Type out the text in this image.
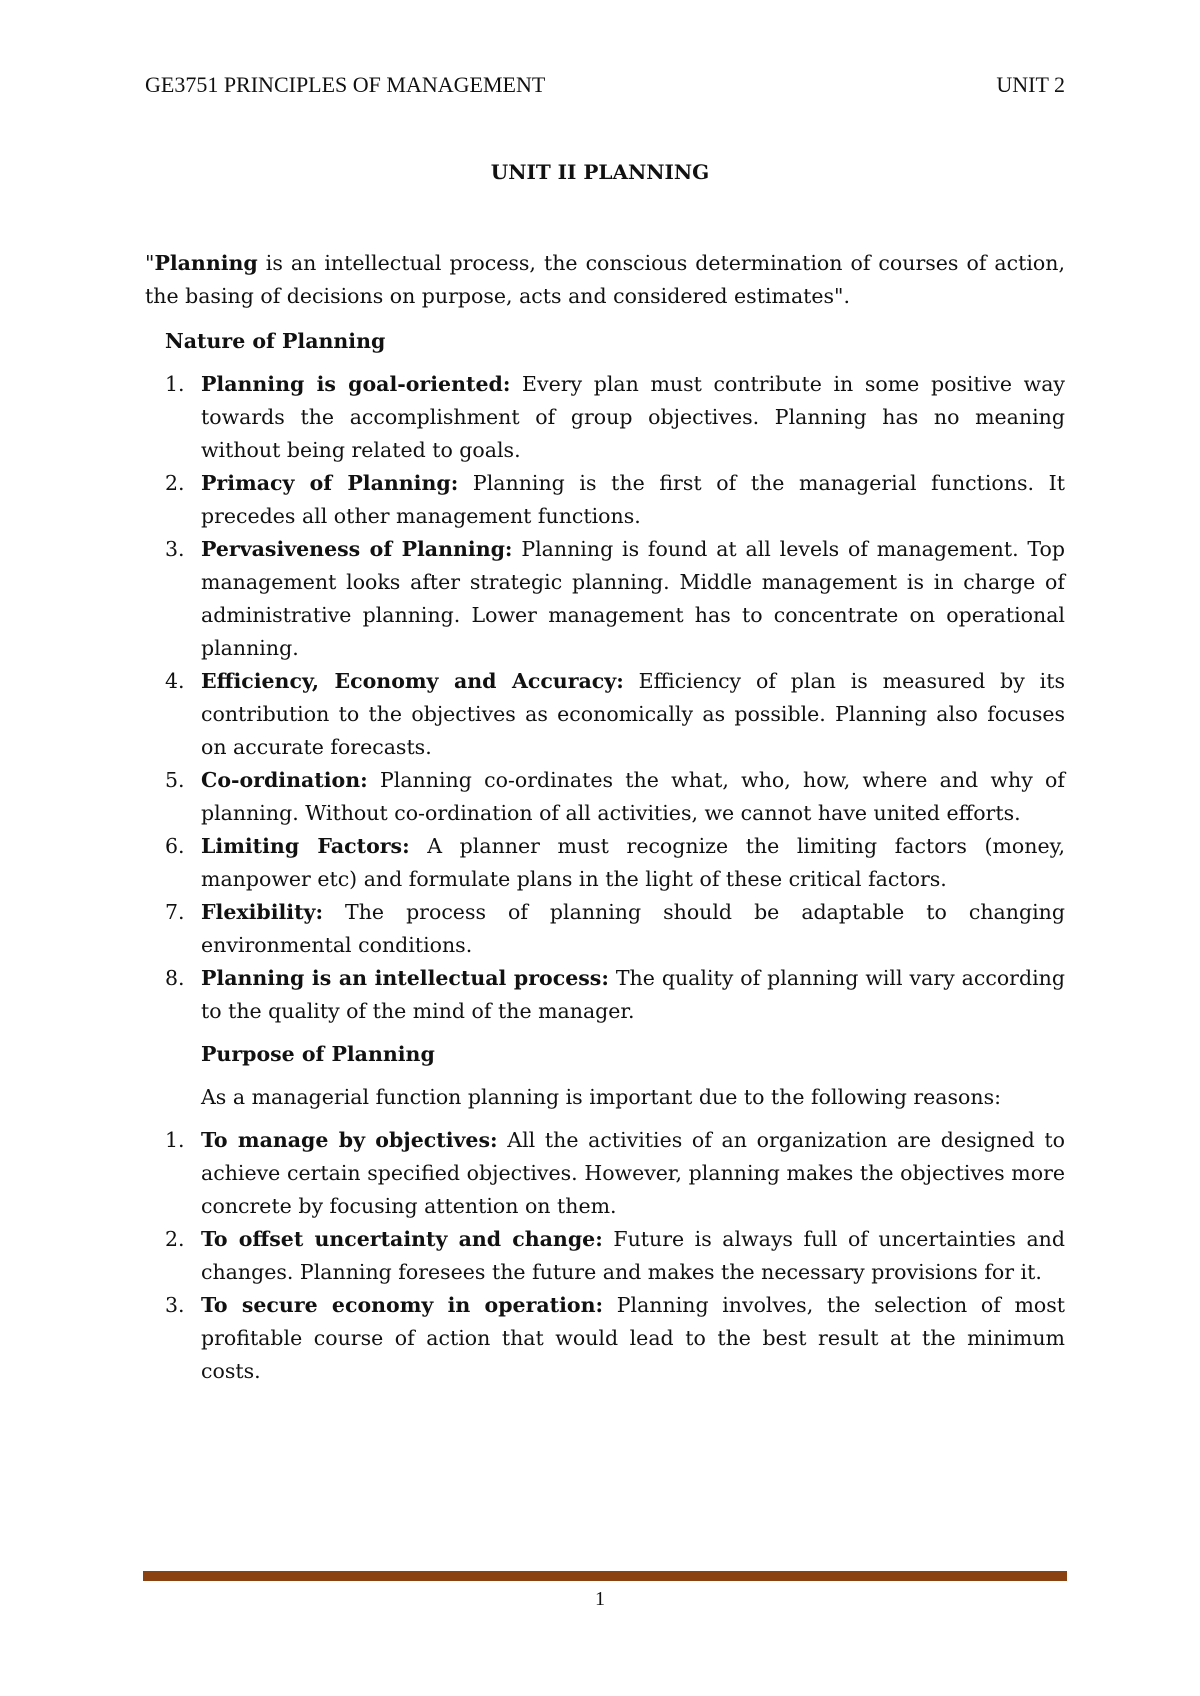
GE3751 PRINCIPLES OF MANAGEMENT	UNIT 2
UNIT II PLANNING

"Planning is an intellectual process, the conscious determination of courses of action, the basing of decisions on purpose, acts and considered estimates".

Nature of Planning

1. Planning is goal-oriented: Every plan must contribute in some positive way towards the accomplishment of group objectives. Planning has no meaning without being related to goals.
2. Primacy of Planning: Planning is the first of the managerial functions. It precedes all other management functions.
3. Pervasiveness of Planning: Planning is found at all levels of management. Top management looks after strategic planning. Middle management is in charge of administrative planning. Lower management has to concentrate on operational planning.
4. Efficiency, Economy and Accuracy: Efficiency of plan is measured by its contribution to the objectives as economically as possible. Planning also focuses on accurate forecasts.
5. Co-ordination: Planning co-ordinates the what, who, how, where and why of planning. Without co-ordination of all activities, we cannot have united efforts.
6. Limiting Factors: A planner must recognize the limiting factors (money, manpower etc) and formulate plans in the light of these critical factors.
7. Flexibility: The process of planning should be adaptable to changing environmental conditions.
8. Planning is an intellectual process: The quality of planning will vary according to the quality of the mind of the manager.

Purpose of Planning

As a managerial function planning is important due to the following reasons:

1. To manage by objectives: All the activities of an organization are designed to achieve certain specified objectives. However, planning makes the objectives more concrete by focusing attention on them.
2. To offset uncertainty and change: Future is always full of uncertainties and changes. Planning foresees the future and makes the necessary provisions for it.
3. To secure economy in operation: Planning involves, the selection of most profitable course of action that would lead to the best result at the minimum costs.
1
